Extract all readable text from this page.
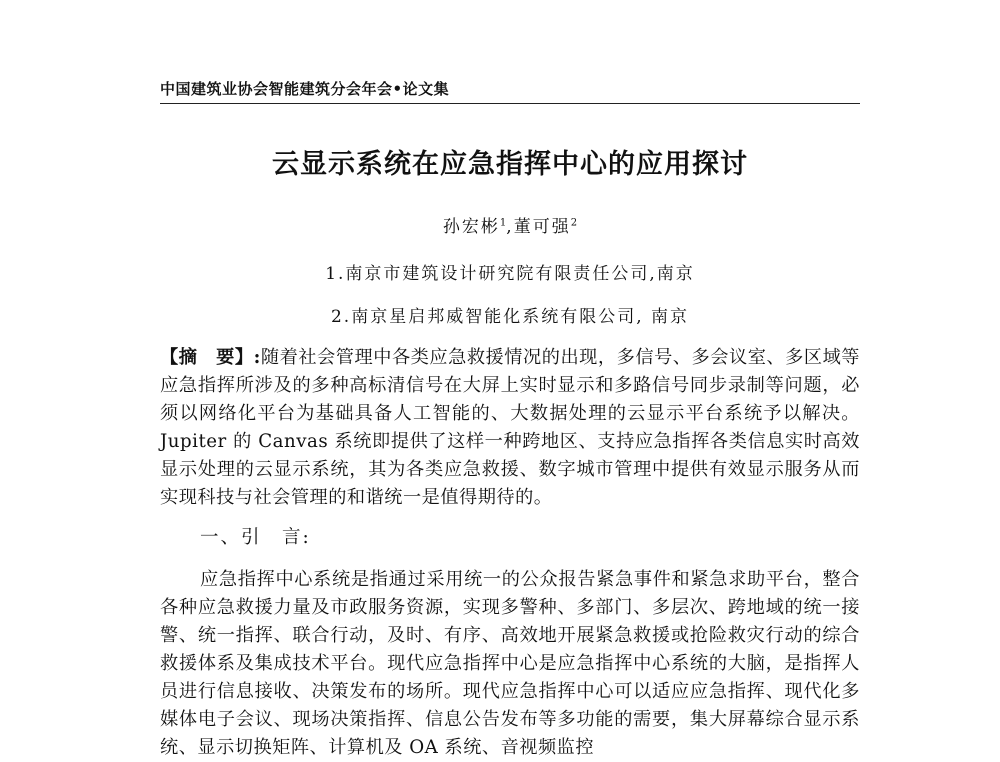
中国建筑业协会智能建筑分会年会•论文集
云显示系统在应急指挥中心的应用探讨
孙宏彬$^1$,董可强$^2$
1.南京市建筑设计研究院有限责任公司,南京
2.南京星启邦威智能化系统有限公司, 南京
【摘　要】:随着社会管理中各类应急救援情况的出现，多信号、多会议室、多区域等应急指挥所涉及的多种高标清信号在大屏上实时显示和多路信号同步录制等问题，必须以网络化平台为基础具备人工智能的、大数据处理的云显示平台系统予以解决。Jupiter 的 Canvas 系统即提供了这样一种跨地区、支持应急指挥各类信息实时高效显示处理的云显示系统，其为各类应急救援、数字城市管理中提供有效显示服务从而实现科技与社会管理的和谐统一是值得期待的。
一、引　言:
应急指挥中心系统是指通过采用统一的公众报告紧急事件和紧急求助平台，整合各种应急救援力量及市政服务资源，实现多警种、多部门、多层次、跨地域的统一接警、统一指挥、联合行动，及时、有序、高效地开展紧急救援或抢险救灾行动的综合救援体系及集成技术平台。现代应急指挥中心是应急指挥中心系统的大脑，是指挥人员进行信息接收、决策发布的场所。现代应急指挥中心可以适应应急指挥、现代化多媒体电子会议、现场决策指挥、信息公告发布等多功能的需要，集大屏幕综合显示系统、显示切换矩阵、计算机及 OA 系统、音视频监控
